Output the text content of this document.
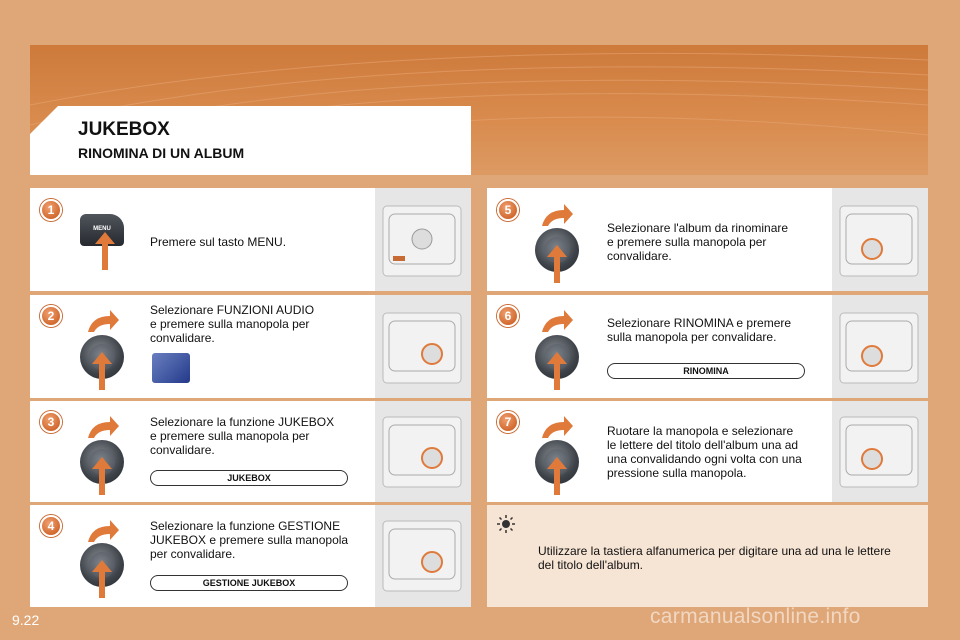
JUKEBOX
RINOMINA DI UN ALBUM
1
MENU

Premere sul tasto MENU.

2	Selezionare FUNZIONI AUDIO
e premere sulla manopola per
convalidare.

3	Selezionare la funzione JUKEBOX
e premere sulla manopola per
convalidare.

JUKEBOX
4	Selezionare la funzione GESTIONE
JUKEBOX e premere sulla manopola
per convalidare.

GESTIONE JUKEBOX
5

Selezionare l'album da rinominare
e premere sulla manopola per
convalidare.

6	Selezionare RINOMINA e premere
sulla manopola per convalidare.

RINOMINA
7

Ruotare la manopola e selezionare
le lettere del titolo dell'album una ad
una convalidando ogni volta con una
pressione sulla manopola.

Utilizzare la tastiera alfanumerica per digitare una ad una le lettere
del titolo dell'album.

9.22	carmanualsonline.info
